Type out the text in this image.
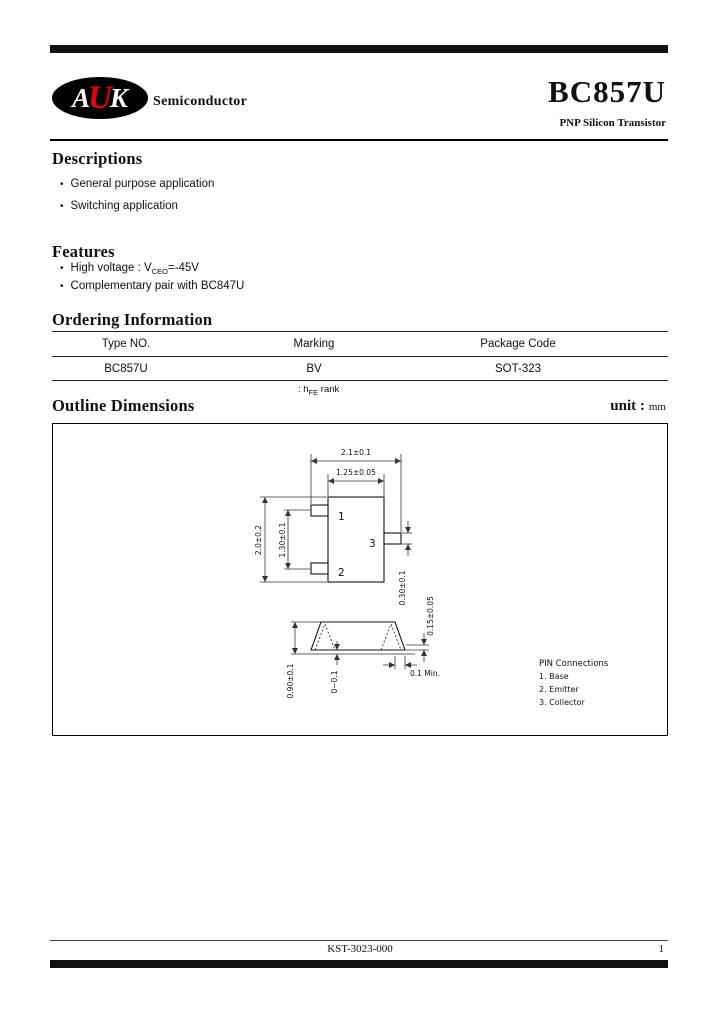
A
U
K Semiconductor	BC857U
PNP Silicon Transistor
Descriptions
• General purpose application
• Switching application
Features
• High voltage : $V_{CEO}=-45V$
• Complementary pair with BC847U
Ordering Information
Type NO.	Marking	Package Code
BC857U	BV	SOT-323
: $h_{FE}$ rank
Outline Dimensions	unit : mm
1
2
3
2.1±0.1
1.25±0.05
2.0±0.2 1.30±0.1
0.30±0.1
0.90±0.1	0~0.1
0.15±0.05
0.1 Min.
PIN Connections
1. Base
2. Emitter
3. Collector
KST-3023-000	1
